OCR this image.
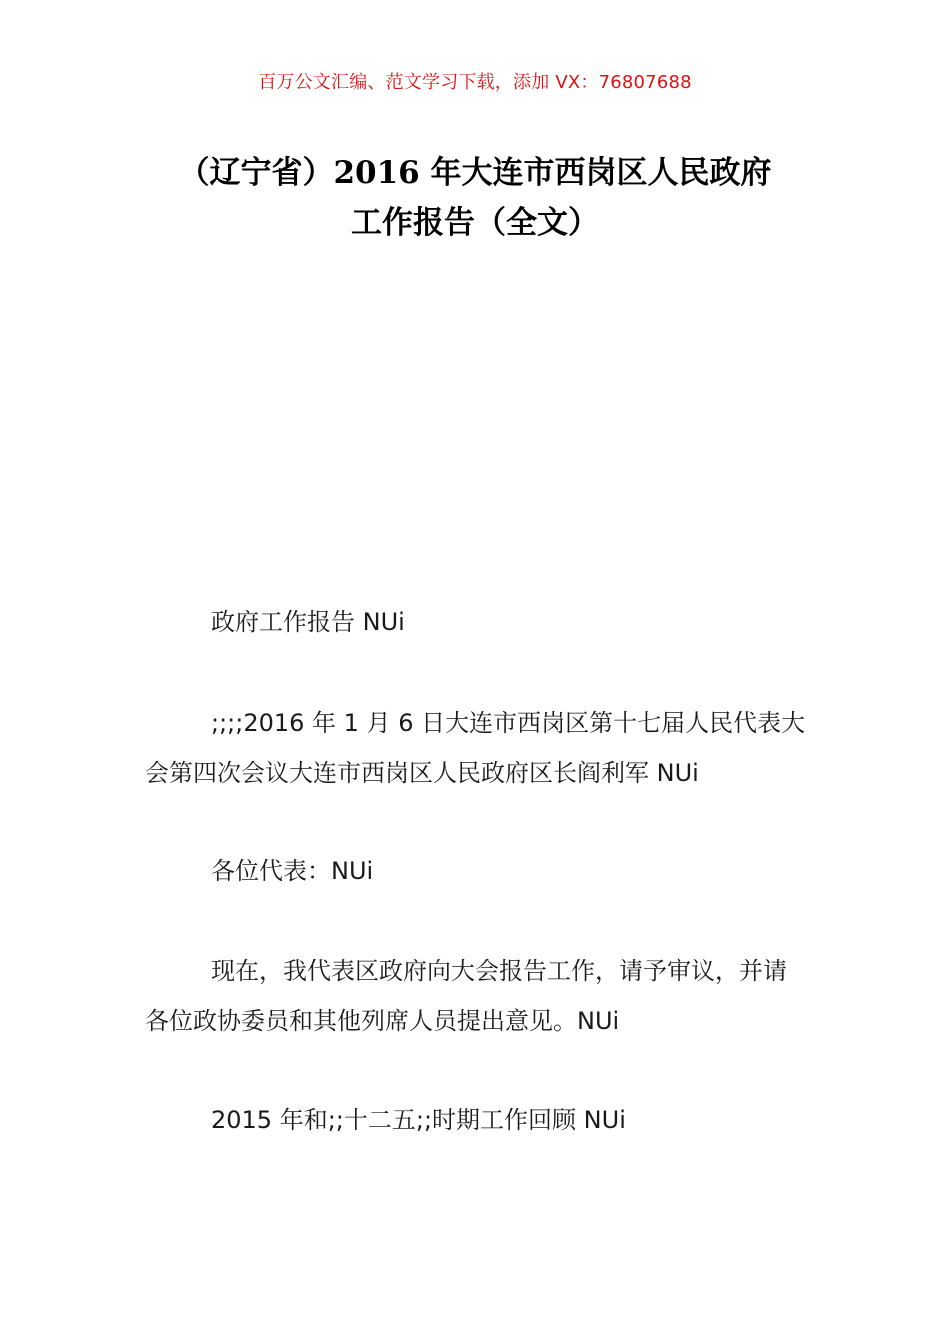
百万公文汇编、范文学习下载，添加 VX：76807688
（辽宁省）2016 年大连市西岗区人民政府
工作报告（全文）
政府工作报告 NUi
;;;;2016 年 1 月 6 日大连市西岗区第十七届人民代表大会第四次会议大连市西岗区人民政府区长阎利军 NUi
各位代表：NUi
现在，我代表区政府向大会报告工作，请予审议，并请各位政协委员和其他列席人员提出意见。NUi
2015 年和;;十二五;;时期工作回顾 NUi
